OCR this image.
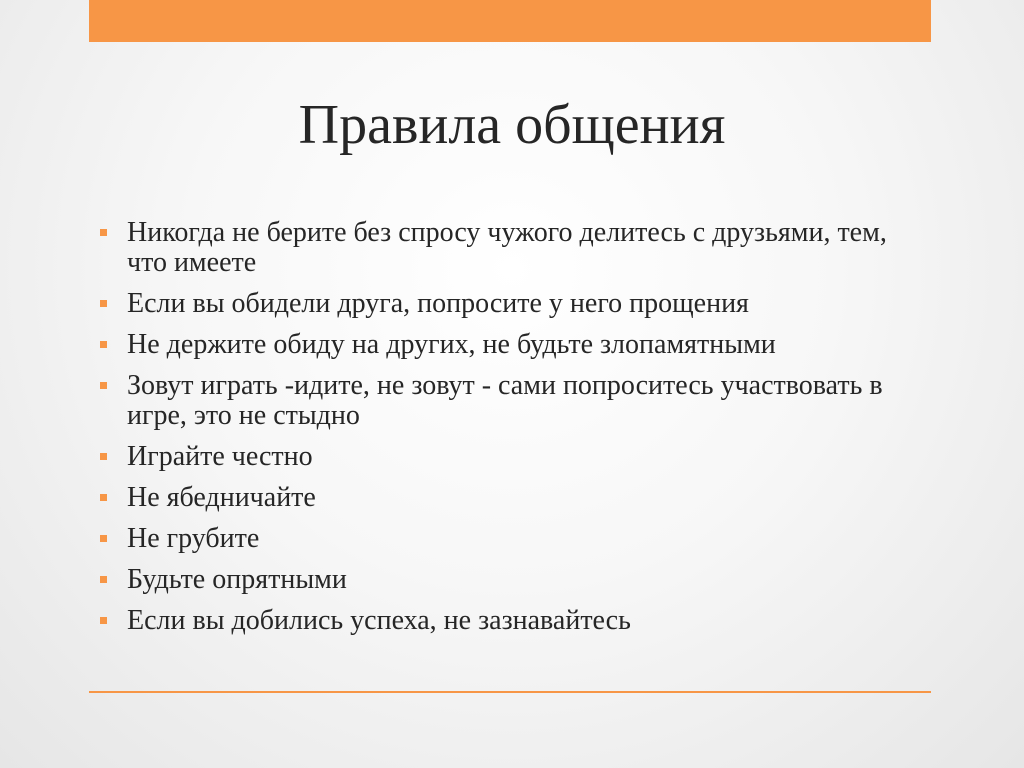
Правила общения
Никогда не берите без спросу чужого делитесь с друзьями, тем, что имеете
Если вы обидели друга, попросите у него прощения
Не держите обиду на других, не будьте злопамятными
Зовут играть -идите, не зовут - сами попроситесь участвовать в игре, это не стыдно
Играйте честно
Не ябедничайте
Не грубите
Будьте опрятными
Если вы добились успеха, не зазнавайтесь
